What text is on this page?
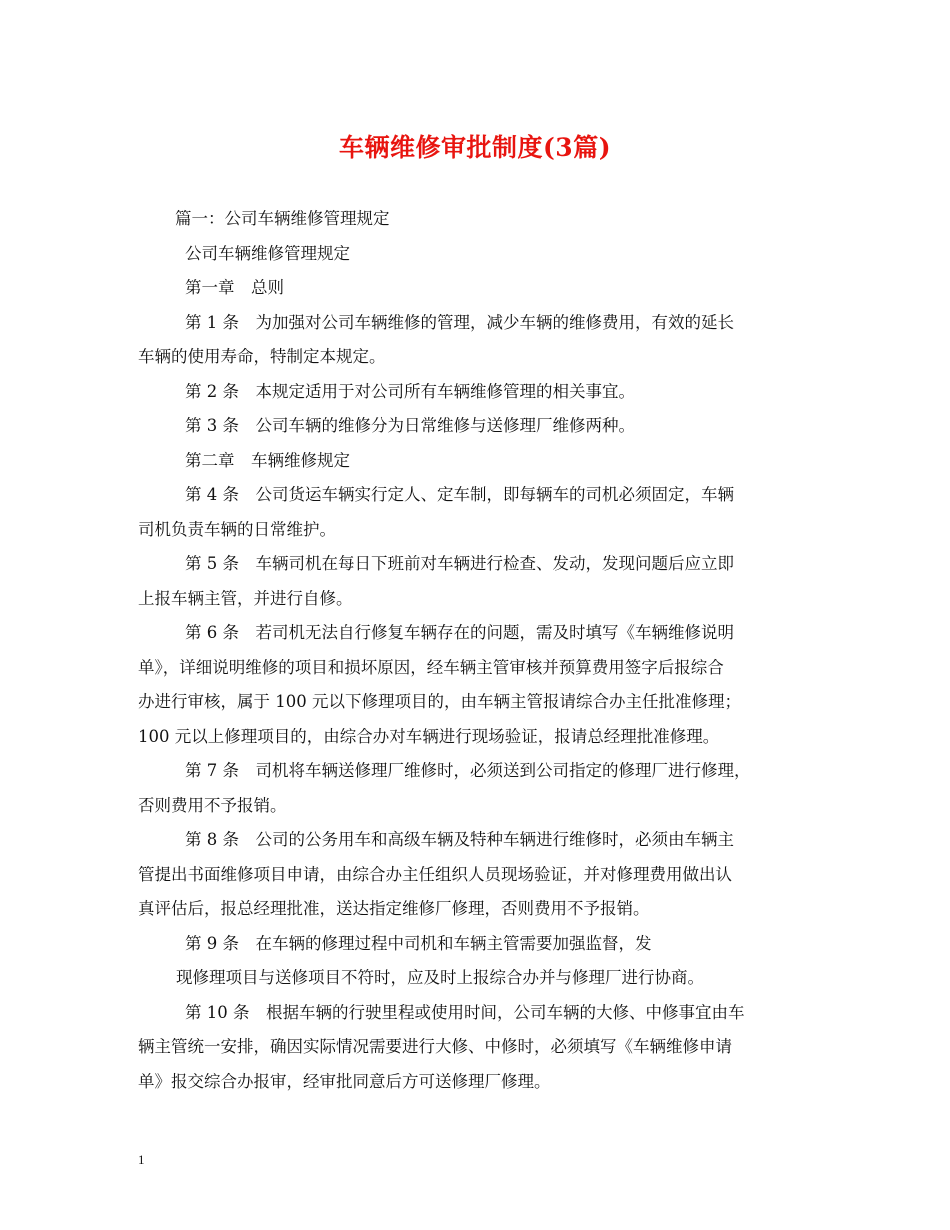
车辆维修审批制度(3篇)

篇一：公司车辆维修管理规定

公司车辆维修管理规定

第一章　总则

第 1 条　为加强对公司车辆维修的管理，减少车辆的维修费用，有效的延长

车辆的使用寿命，特制定本规定。

第 2 条　本规定适用于对公司所有车辆维修管理的相关事宜。

第 3 条　公司车辆的维修分为日常维修与送修理厂维修两种。

第二章　车辆维修规定

第 4 条　公司货运车辆实行定人、定车制，即每辆车的司机必须固定，车辆

司机负责车辆的日常维护。

第 5 条　车辆司机在每日下班前对车辆进行检查、发动，发现问题后应立即

上报车辆主管，并进行自修。

第 6 条　若司机无法自行修复车辆存在的问题，需及时填写《车辆维修说明

单》，详细说明维修的项目和损坏原因，经车辆主管审核并预算费用签字后报综合

办进行审核，属于 100 元以下修理项目的，由车辆主管报请综合办主任批准修理；

100 元以上修理项目的，由综合办对车辆进行现场验证，报请总经理批准修理。

第 7 条　司机将车辆送修理厂维修时，必须送到公司指定的修理厂进行修理，

否则费用不予报销。

第 8 条　公司的公务用车和高级车辆及特种车辆进行维修时，必须由车辆主

管提出书面维修项目申请，由综合办主任组织人员现场验证，并对修理费用做出认

真评估后，报总经理批准，送达指定维修厂修理，否则费用不予报销。

第 9 条　在车辆的修理过程中司机和车辆主管需要加强监督，发

现修理项目与送修项目不符时，应及时上报综合办并与修理厂进行协商。

第 10 条　根据车辆的行驶里程或使用时间，公司车辆的大修、中修事宜由车

辆主管统一安排，确因实际情况需要进行大修、中修时，必须填写《车辆维修申请

单》报交综合办报审，经审批同意后方可送修理厂修理。

1
